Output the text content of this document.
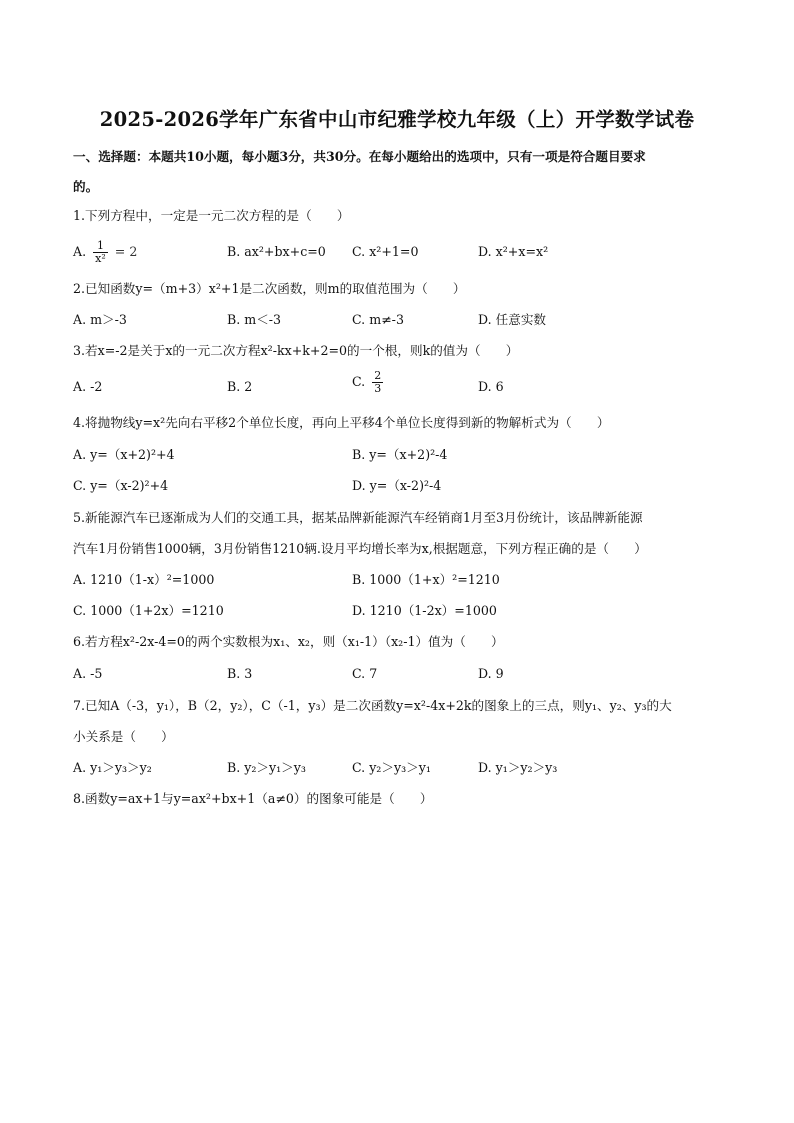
2025-2026学年广东省中山市纪雅学校九年级（上）开学数学试卷
一、选择题：本题共10小题，每小题3分，共30分。在每小题给出的选项中，只有一项是符合题目要求
的。
1.下列方程中，一定是一元二次方程的是（　　）
A. $\frac{1}{\text{x²}} = 2$	B. ax²+bx+c=0 C. x²+1=0	D. x²+x=x²
2.已知函数y=（m+3）x²+1是二次函数，则m的取值范围为（　　）
A. m＞-3	B. m＜-3	C. m≠-3	D. 任意实数
3.若x=-2是关于x的一元二次方程x²-kx+k+2=0的一个根，则k的值为（　　）
A. -2	B. 2	C. $\frac{2}{3}$	D. 6
4.将抛物线y=x²先向右平移2个单位长度，再向上平移4个单位长度得到新的物解析式为（　　）
A. y=（x+2)²+4	B. y=（x+2)²-4
C. y=（x-2)²+4	D. y=（x-2)²-4
5.新能源汽车已逐渐成为人们的交通工具，据某品牌新能源汽车经销商1月至3月份统计，该品牌新能源
汽车1月份销售1000辆，3月份销售1210辆.设月平均增长率为x,根据题意，下列方程正确的是（　　）
A. 1210（1-x）²=1000	B. 1000（1+x）²=1210
C. 1000（1+2x）=1210	D. 1210（1-2x）=1000
6.若方程x²-2x-4=0的两个实数根为x₁、x₂，则（x₁-1）（x₂-1）值为（　　）
A. -5	B. 3	C. 7	D. 9
7.已知A（-3，y₁），B（2，y₂），C（-1，y₃）是二次函数y=x²-4x+2k的图象上的三点，则y₁、y₂、y₃的大
小关系是（　　）
A. y₁＞y₃＞y₂	B. y₂＞y₁＞y₃	C. y₂＞y₃＞y₁	D. y₁＞y₂＞y₃
8.函数y=ax+1与y=ax²+bx+1（a≠0）的图象可能是（　　）
